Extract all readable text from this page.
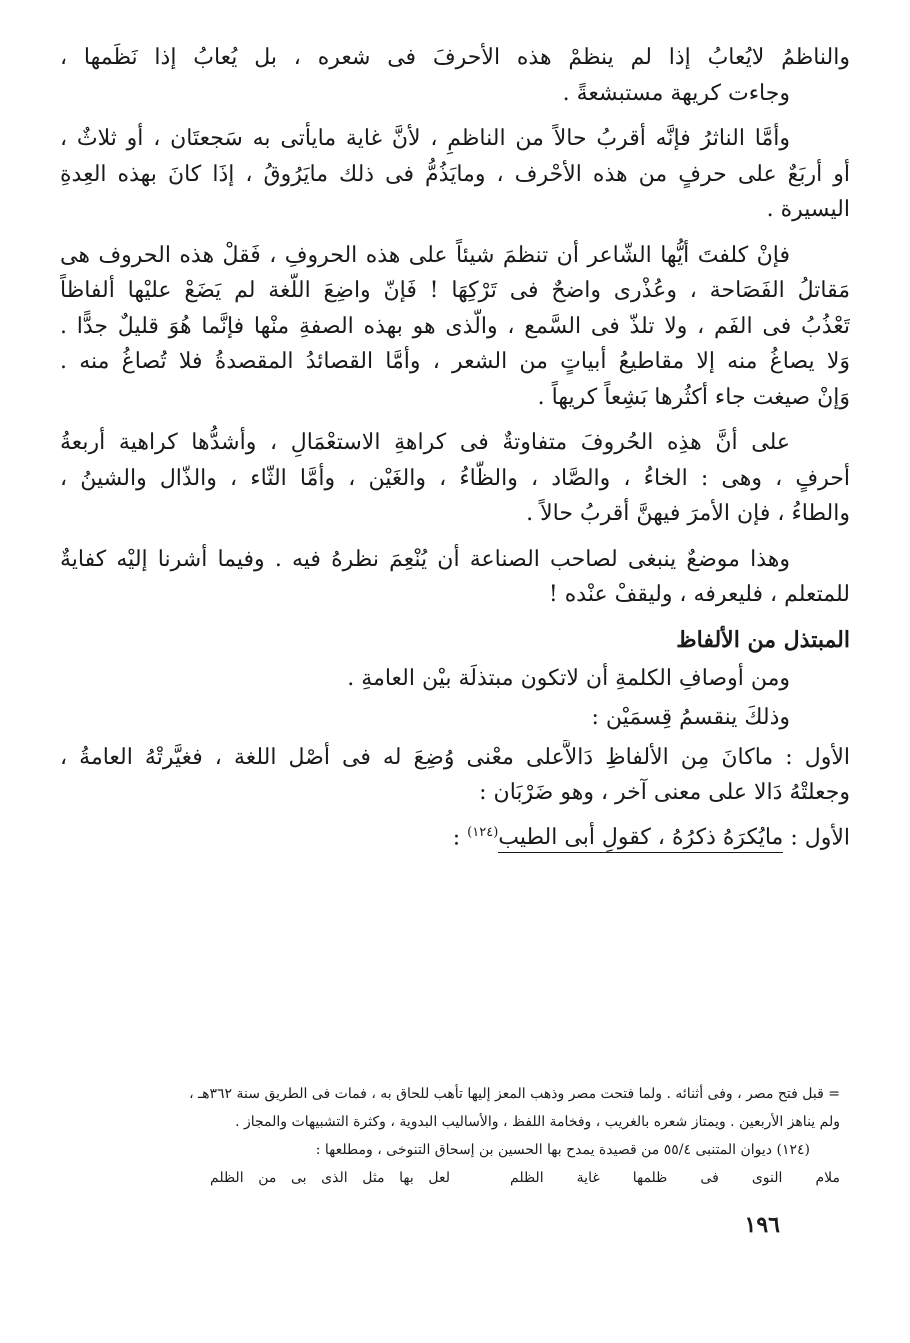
والناظمُ لايُعابُ إذا لم ينظمْ هذه الأحرفَ فى شعره ، بل يُعابُ إذا نَظَمها ،
وجاءت كريهة مستبشعةً .
وأمَّا الناثرُ فإنَّه أقربُ حالاً من الناظمِ ، لأنَّ غاية مايأتى به سَجعتَان ، أو ثلاثٌ ،
أو أربَعٌ على حرفٍ من هذه الأحْرف ، ومايَذُمُّ فى ذلك مايَرُوقُ ، إذَا كانَ بهذه العِدةِ
اليسيرة .
فإنْ كلفتَ أيُّها الشّاعر أن تنظمَ شيئاً على هذه الحروفِ ، فَقلْ هذه الحروف هى
مَقاتلُ الفَصَاحة ، وعُذْرى واضحٌ فى تَرْكِهَا ! فَإنّ واضِعَ اللُّغة لم يَضَعْ عليْها ألفاظاً
تَعْذُبُ فى الفَم ، ولا تلذّ فى السَّمع ، والّذى هو بهذه الصفةِ منْها فإنَّما هُوَ قليلٌ جدًّا .
وَلا يصاغُ منه إلا مقاطيعُ أبياتٍ من الشعر ، وأمَّا القصائدُ المقصدةُ فلا تُصاغُ منه .
وَإنْ صيغت جاء أكثُرها بَشِعاً كريهاً .
على أنَّ هذِه الحُروفَ متفاوتةٌ فى كراهةِ الاستعْمَالِ ، وأشدُّها كراهية أربعةُ
أحرفٍ ، وهى : الخاءُ ، والصَّاد ، والظَّاءُ ، والغَيْن ، وأمَّا الثّاء ، والذّال والشينُ ،
والطاءُ ، فإن الأمرَ فيهنَّ أقربُ حالاً .
وهذا موضعٌ ينبغى لصاحب الصناعة أن يُنْعِمَ نظرهُ فيه . وفيما أشرنا إليْه كفايةٌ
للمتعلم ، فليعرفه ، وليقفْ عنْده !
المبتذل من الألفاظ
ومن أوصافِ الكلمةِ أن لاتكون مبتذلَة بيْن العامةِ .
وذلكَ ينقسمُ قِسمَيْن :
الأول : ماكانَ مِن الألفاظِ دَالاًّعلى معْنى وُضِعَ له فى أصْل اللغة ، فغيَّرتْهُ العامةُ ،
وجعلتْهُ دَالا على معنى آخر ، وهو ضَرْبَان :
الأول : مايُكرَهُ ذكرُهُ ، كقولِ أبى الطيب$^{(١٢٤)}$ :
= قبل فتح مصر ، وفى أثنائه . ولما فتحت مصر وذهب المعز إليها تأهب للحاق به ، فمات فى الطريق سنة ٣٦٢هـ ،
ولم يناهز الأربعين . ويمتاز شعره بالغريب ، وفخامة اللفظ ، والأساليب البدوية ، وكثرة التشبيهات والمجاز .
(١٢٤) ديوان المتنبى ٥٥/٤ من قصيدة يمدح بها الحسين بن إسحاق التنوخى ، ومطلعها :
ملام النوى فى ظلمها غاية الظلم
لعل بها مثل الذى بى من الظلم
١٩٦
